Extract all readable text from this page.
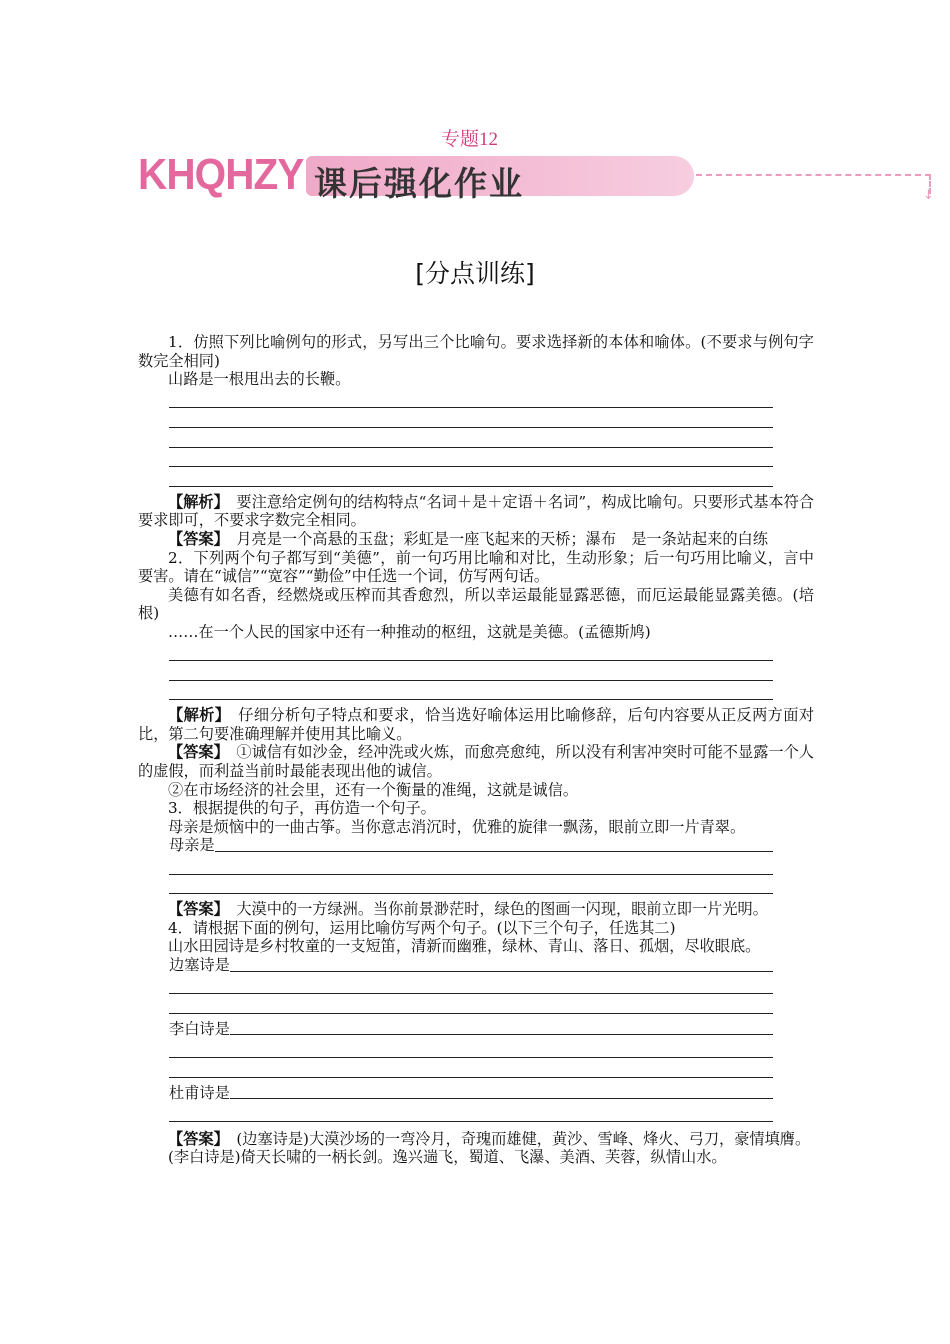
专题12
KHQHZY 课后强化作业	↓
[分点训练]

1．仿照下列比喻例句的形式，另写出三个比喻句。要求选择新的本体和喻体。(不要求与例句字数完全相同)

山路是一根甩出去的长鞭。

【解析】　 要注意给定例句的结构特点“名词＋是＋定语＋名词”，构成比喻句。只要形式基本符合要求即可，不要求字数完全相同。

【答案】　 月亮是一个高悬的玉盘；彩虹是一座飞起来的天桥；瀑布　是一条站起来的白练

2．下列两个句子都写到“美德”，前一句巧用比喻和对比，生动形象；后一句巧用比喻义，言中要害。请在“诚信”“宽容”“勤俭”中任选一个词，仿写两句话。

美德有如名香，经燃烧或压榨而其香愈烈，所以幸运最能显露恶德，而厄运最能显露美德。(培根)

……在一个人民的国家中还有一种推动的枢纽，这就是美德。(孟德斯鸠)

【解析】　 仔细分析句子特点和要求，恰当选好喻体运用比喻修辞，后句内容要从正反两方面对比，第二句要准确理解并使用其比喻义。

【答案】　 ①诚信有如沙金，经冲洗或火炼，而愈亮愈纯，所以没有利害冲突时可能不显露一个人的虚假，而利益当前时最能表现出他的诚信。

②在市场经济的社会里，还有一个衡量的准绳，这就是诚信。

3．根据提供的句子，再仿造一个句子。

母亲是烦恼中的一曲古筝。当你意志消沉时，优雅的旋律一飘荡，眼前立即一片青翠。

母亲是

【答案】　 大漠中的一方绿洲。当你前景渺茫时，绿色的图画一闪现，眼前立即一片光明。

4．请根据下面的例句，运用比喻仿写两个句子。(以下三个句子，任选其二)

山水田园诗是乡村牧童的一支短笛，清新而幽雅，绿林、青山、落日、孤烟，尽收眼底。

边塞诗是
李白诗是
杜甫诗是

【答案】　 (边塞诗是)大漠沙场的一弯冷月，奇瑰而雄健，黄沙、雪峰、烽火、弓刀，豪情填膺。

(李白诗是)倚天长啸的一柄长剑。逸兴遄飞，蜀道、飞瀑、美酒、芙蓉，纵情山水。
